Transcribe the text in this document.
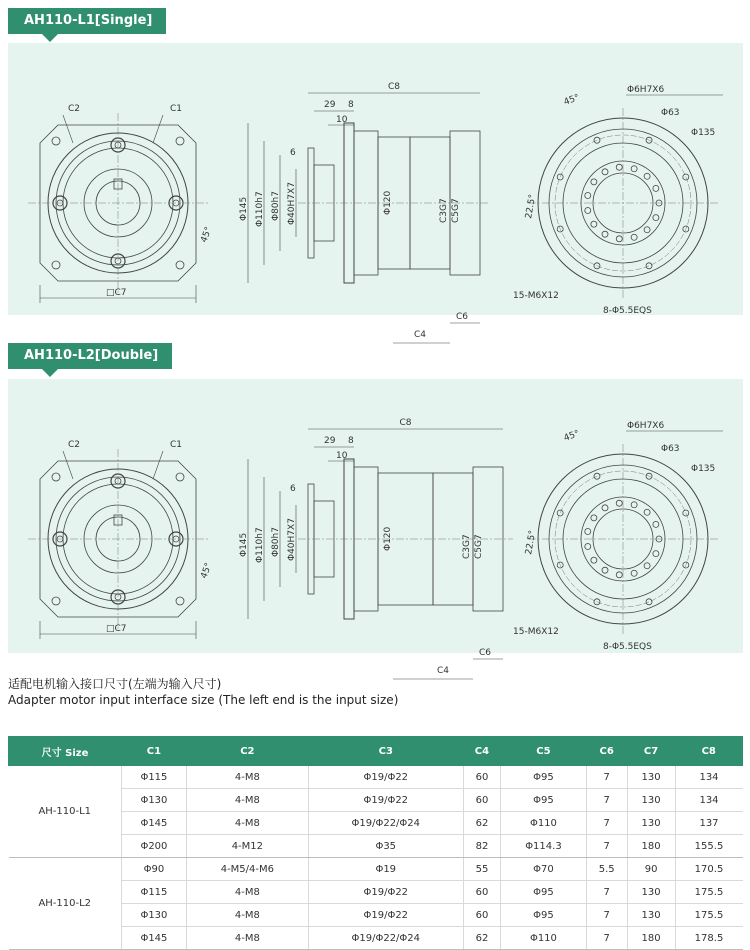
AH110-L1[Single]
C2	C1
45°
□C7
C8
29 8
10
6
Φ145 Φ110h7 Φ80h7 Φ40H7X7	Φ120	C3G7 C5G7
C6
C4
Φ6H7X6
45°
Φ63
Φ135
22.5°
15-M6X12
8-Φ5.5EQS
AH110-L2[Double]
C2	C1
45°
□C7
C8
29 8
10
6
Φ145 Φ110h7 Φ80h7 Φ40H7X7	Φ120	C3G7 C5G7
C6
C4
Φ6H7X6
45°
Φ63
Φ135
22.5°
15-M6X12
8-Φ5.5EQS
适配电机输入接口尺寸(左端为输入尺寸)
Adapter motor input interface size (The left end is the input size)
尺寸 Size	C1	C2	C3	C4	C5	C6	C7	C8
AH-110-L1	Φ115	4-M8	Φ19/Φ22	60	Φ95	7	130	134
	Φ130	4-M8	Φ19/Φ22	60	Φ95	7	130	134
	Φ145	4-M8	Φ19/Φ22/Φ24	62	Φ110	7	130	137
	Φ200	4-M12	Φ35	82	Φ114.3	7	180	155.5
AH-110-L2	Φ90	4-M5/4-M6	Φ19	55	Φ70	5.5	90	170.5
	Φ115	4-M8	Φ19/Φ22	60	Φ95	7	130	175.5
	Φ130	4-M8	Φ19/Φ22	60	Φ95	7	130	175.5
	Φ145	4-M8	Φ19/Φ22/Φ24	62	Φ110	7	180	178.5
